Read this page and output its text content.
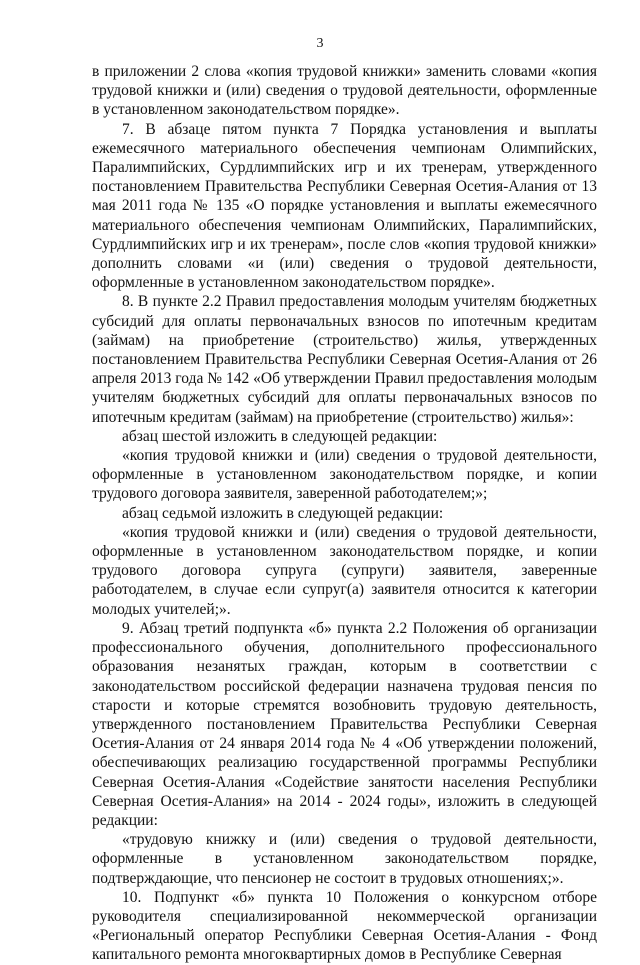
3

в приложении 2 слова «копия трудовой книжки» заменить словами «копия трудовой книжки и (или) сведения о трудовой деятельности, оформленные в установленном законодательством порядке».

7. В абзаце пятом пункта 7 Порядка установления и выплаты ежемесячного материального обеспечения чемпионам Олимпийских, Паралимпийских, Сурдлимпийских игр и их тренерам, утвержденного постановлением Правительства Республики Северная Осетия-Алания от 13 мая 2011 года № 135 «О порядке установления и выплаты ежемесячного материального обеспечения чемпионам Олимпийских, Паралимпийских, Сурдлимпийских игр и их тренерам», после слов «копия трудовой книжки» дополнить словами «и (или) сведения о трудовой деятельности, оформленные в установленном законодательством порядке».

8. В пункте 2.2 Правил предоставления молодым учителям бюджетных субсидий для оплаты первоначальных взносов по ипотечным кредитам (займам) на приобретение (строительство) жилья, утвержденных постановлением Правительства Республики Северная Осетия-Алания от 26 апреля 2013 года № 142 «Об утверждении Правил предоставления молодым учителям бюджетных субсидий для оплаты первоначальных взносов по ипотечным кредитам (займам) на приобретение (строительство) жилья»:

абзац шестой изложить в следующей редакции:

«копия трудовой книжки и (или) сведения о трудовой деятельности, оформленные в установленном законодательством порядке, и копии трудового договора заявителя, заверенной работодателем;»;

абзац седьмой изложить в следующей редакции:

«копия трудовой книжки и (или) сведения о трудовой деятельности, оформленные в установленном законодательством порядке, и копии трудового договора супруга (супруги) заявителя, заверенные работодателем, в случае если супруг(а) заявителя относится к категории молодых учителей;».

9. Абзац третий подпункта «б» пункта 2.2 Положения об организации профессионального обучения, дополнительного профессионального образования незанятых граждан, которым в соответствии с законодательством российской федерации назначена трудовая пенсия по старости и которые стремятся возобновить трудовую деятельность, утвержденного постановлением Правительства Республики Северная Осетия-Алания от 24 января 2014 года № 4 «Об утверждении положений, обеспечивающих реализацию государственной программы Республики Северная Осетия-Алания «Содействие занятости населения Республики Северная Осетия-Алания» на 2014 - 2024 годы», изложить в следующей редакции:

«трудовую книжку и (или) сведения о трудовой деятельности, оформленные в установленном законодательством порядке, подтверждающие, что пенсионер не состоит в трудовых отношениях;».

10. Подпункт «б» пункта 10 Положения о конкурсном отборе руководителя специализированной некоммерческой организации «Региональный оператор Республики Северная Осетия-Алания - Фонд капитального ремонта многоквартирных домов в Республике Северная
